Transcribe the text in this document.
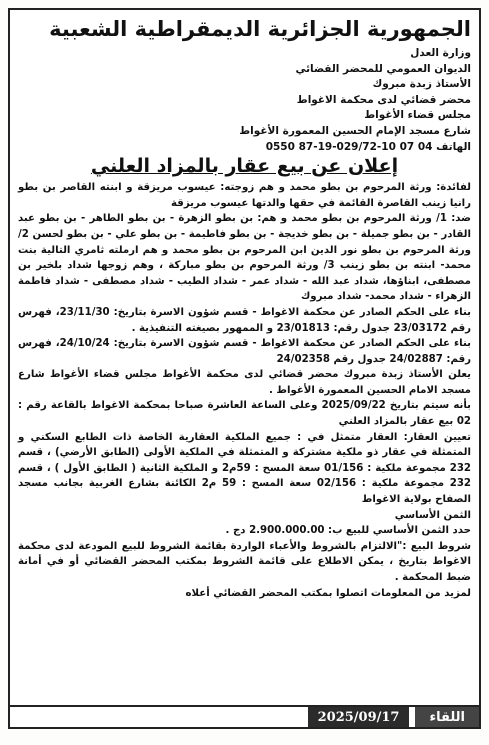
الجمهورية الجزائرية الديمقراطية الشعبية
وزارة العدل
الديوان العمومي للمحضر القضائي
الأستاذ زبدة مبروك
محضر قضائي لدى محكمة الاغواط
مجلس قضاء الأغواط
شارع مسجد الإمام الحسين المعمورة الأغواط
الهاتف 04 07 10-029/72-19-87 0550
إعلان عن بيع عقار بالمزاد العلني

لفائدة: ورثة المرحوم بن بطو محمد و هم زوجته: عيسوب مريزقة و ابنته القاصر بن بطو رانيا زينب القاصرة القائمة في حقها والدتها عيسوب مريزقة

ضد: 1/ ورثة المرحوم بن بطو محمد و هم: بن بطو الزهرة - بن بطو الطاهر - بن بطو عبد القادر - بن بطو جميلة - بن بطو خديجة - بن بطو فاطيمة - بن بطو علي - بن بطو لحسن 2/ ورثة المرحوم بن بطو نور الدين ابن المرحوم بن بطو محمد و هم ارملته ثامري التالية بنت محمد- ابنته بن بطو زينب 3/ ورثة المرحوم بن بطو مباركة ، وهم زوجها شداد بلخير بن مصطفى، ابناؤها، شداد عبد الله - شداد عمر - شداد الطيب - شداد مصطفى - شداد فاطمة الزهراء - شداد محمد- شداد مبروك

بناء على الحكم الصادر عن محكمة الاغواط - قسم شؤون الاسرة بتاريخ: 23/11/30، فهرس رقم 23/03172 جدول رقم: 23/01813 و الممهور بصيغته التنفيذية .

بناء على الحكم الصادر عن محكمة الاغواط - قسم شؤون الاسرة بتاريخ: 24/10/24، فهرس رقم: 24/02887 جدول رقم 24/02358

يعلن الأستاذ زبدة مبروك محضر قضائي لدى محكمة الأغواط مجلس قضاء الأغواط شارع مسجد الامام الحسين المعمورة الأغواط .

بأنه سيتم بتاريخ 2025/09/22 وعلى الساعة العاشرة صباحا بمحكمة الاغواط بالقاعة رقم : 02 بيع عقار بالمزاد العلني

تعيين العقار: العقار متمثل في : جميع الملكية العقارية الخاصة ذات الطابع السكني و المتمثلة في عقار ذو ملكية مشتركة و المتمثلة في الملكية الأولى (الطابق الأرضي) ، قسم 232 مجموعة ملكية : 01/156 سعة المسح : 59م2 و الملكية الثانية ( الطابق الأول ) ، قسم 232 مجموعة ملكية : 02/156 سعة المسح : 59 م2 الكائنة بشارع الغربية بجانب مسجد الصفاح بولاية الاغواط

الثمن الأساسي

حدد الثمن الأساسي للبيع ب: 2.900.000.00 دج .

شروط البيع :"الالتزام بالشروط والأعباء الواردة بقائمة الشروط للبيع المودعة لدى محكمة الاغواط بتاريخ ، يمكن الاطلاع على قائمة الشروط بمكتب المحضر القضائي أو في أمانة ضبط المحكمة .

لمزيد من المعلومات اتصلوا بمكتب المحضر القضائي أعلاه

2025/09/17	اللقاء
